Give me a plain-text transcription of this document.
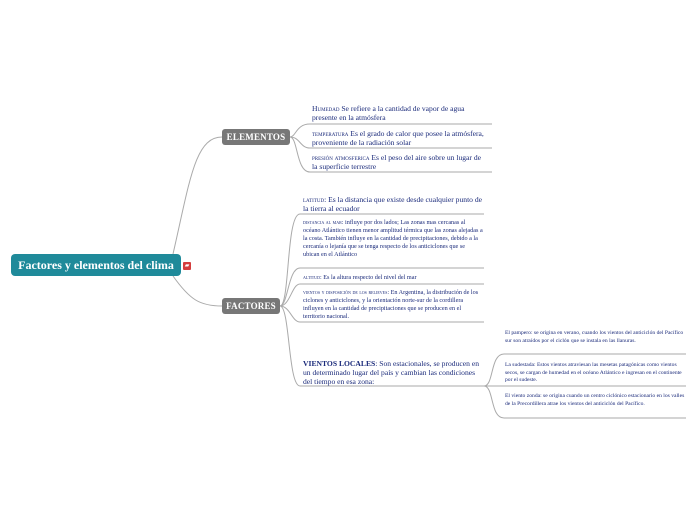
Factores y elementos del clima	▰
ELEMENTOS
FACTORES
Humedad Se refiere a la cantidad de vapor de agua presente en la atmósfera
temperatura Es el grado de calor que posee la atmósfera, proveniente de la radiación solar
presión atmosferica Es el peso del aire sobre un lugar de la superficie terrestre
latitud: Es la distancia que existe desde cualquier punto de la tierra al ecuador
distancia al mar: influye por dos lados; Las zonas mas cercanas al océano Atlántico tienen menor amplitud térmica que las zonas alejadas a la costa. También influye en la cantidad de precipitaciones, debido a la cercanía o lejanía que se tenga respecto de los anticiclones que se ubican en el Atlántico
altitud: Es la altura respecto del nivel del mar
vientos y disposición de los relieves: En Argentina, la distribución de los ciclones y anticiclones, y la orientación norte-sur de la cordillera influyen en la cantidad de precipitaciones que se producen en el territorio nacional.
VIENTOS LOCALES: Son estacionales, se producen en un determinado lugar del país y cambian las condiciones del tiempo en esa zona:
El pampero: se origina en verano, cuando los vientos del anticiclón del Pacífico sur son atraídos por el ciclón que se instala en las llanuras.
La sudestada: Estos vientos atraviesan las mesetas patagónicas como vientos secos, se cargan de humedad en el océano Atlántico e ingresan en el continente por el sudeste.
El viento zonda: se origina cuando un centro ciclónico estacionario en los valles de la Precordillera atrae los vientos del anticiclón del Pacífico.
